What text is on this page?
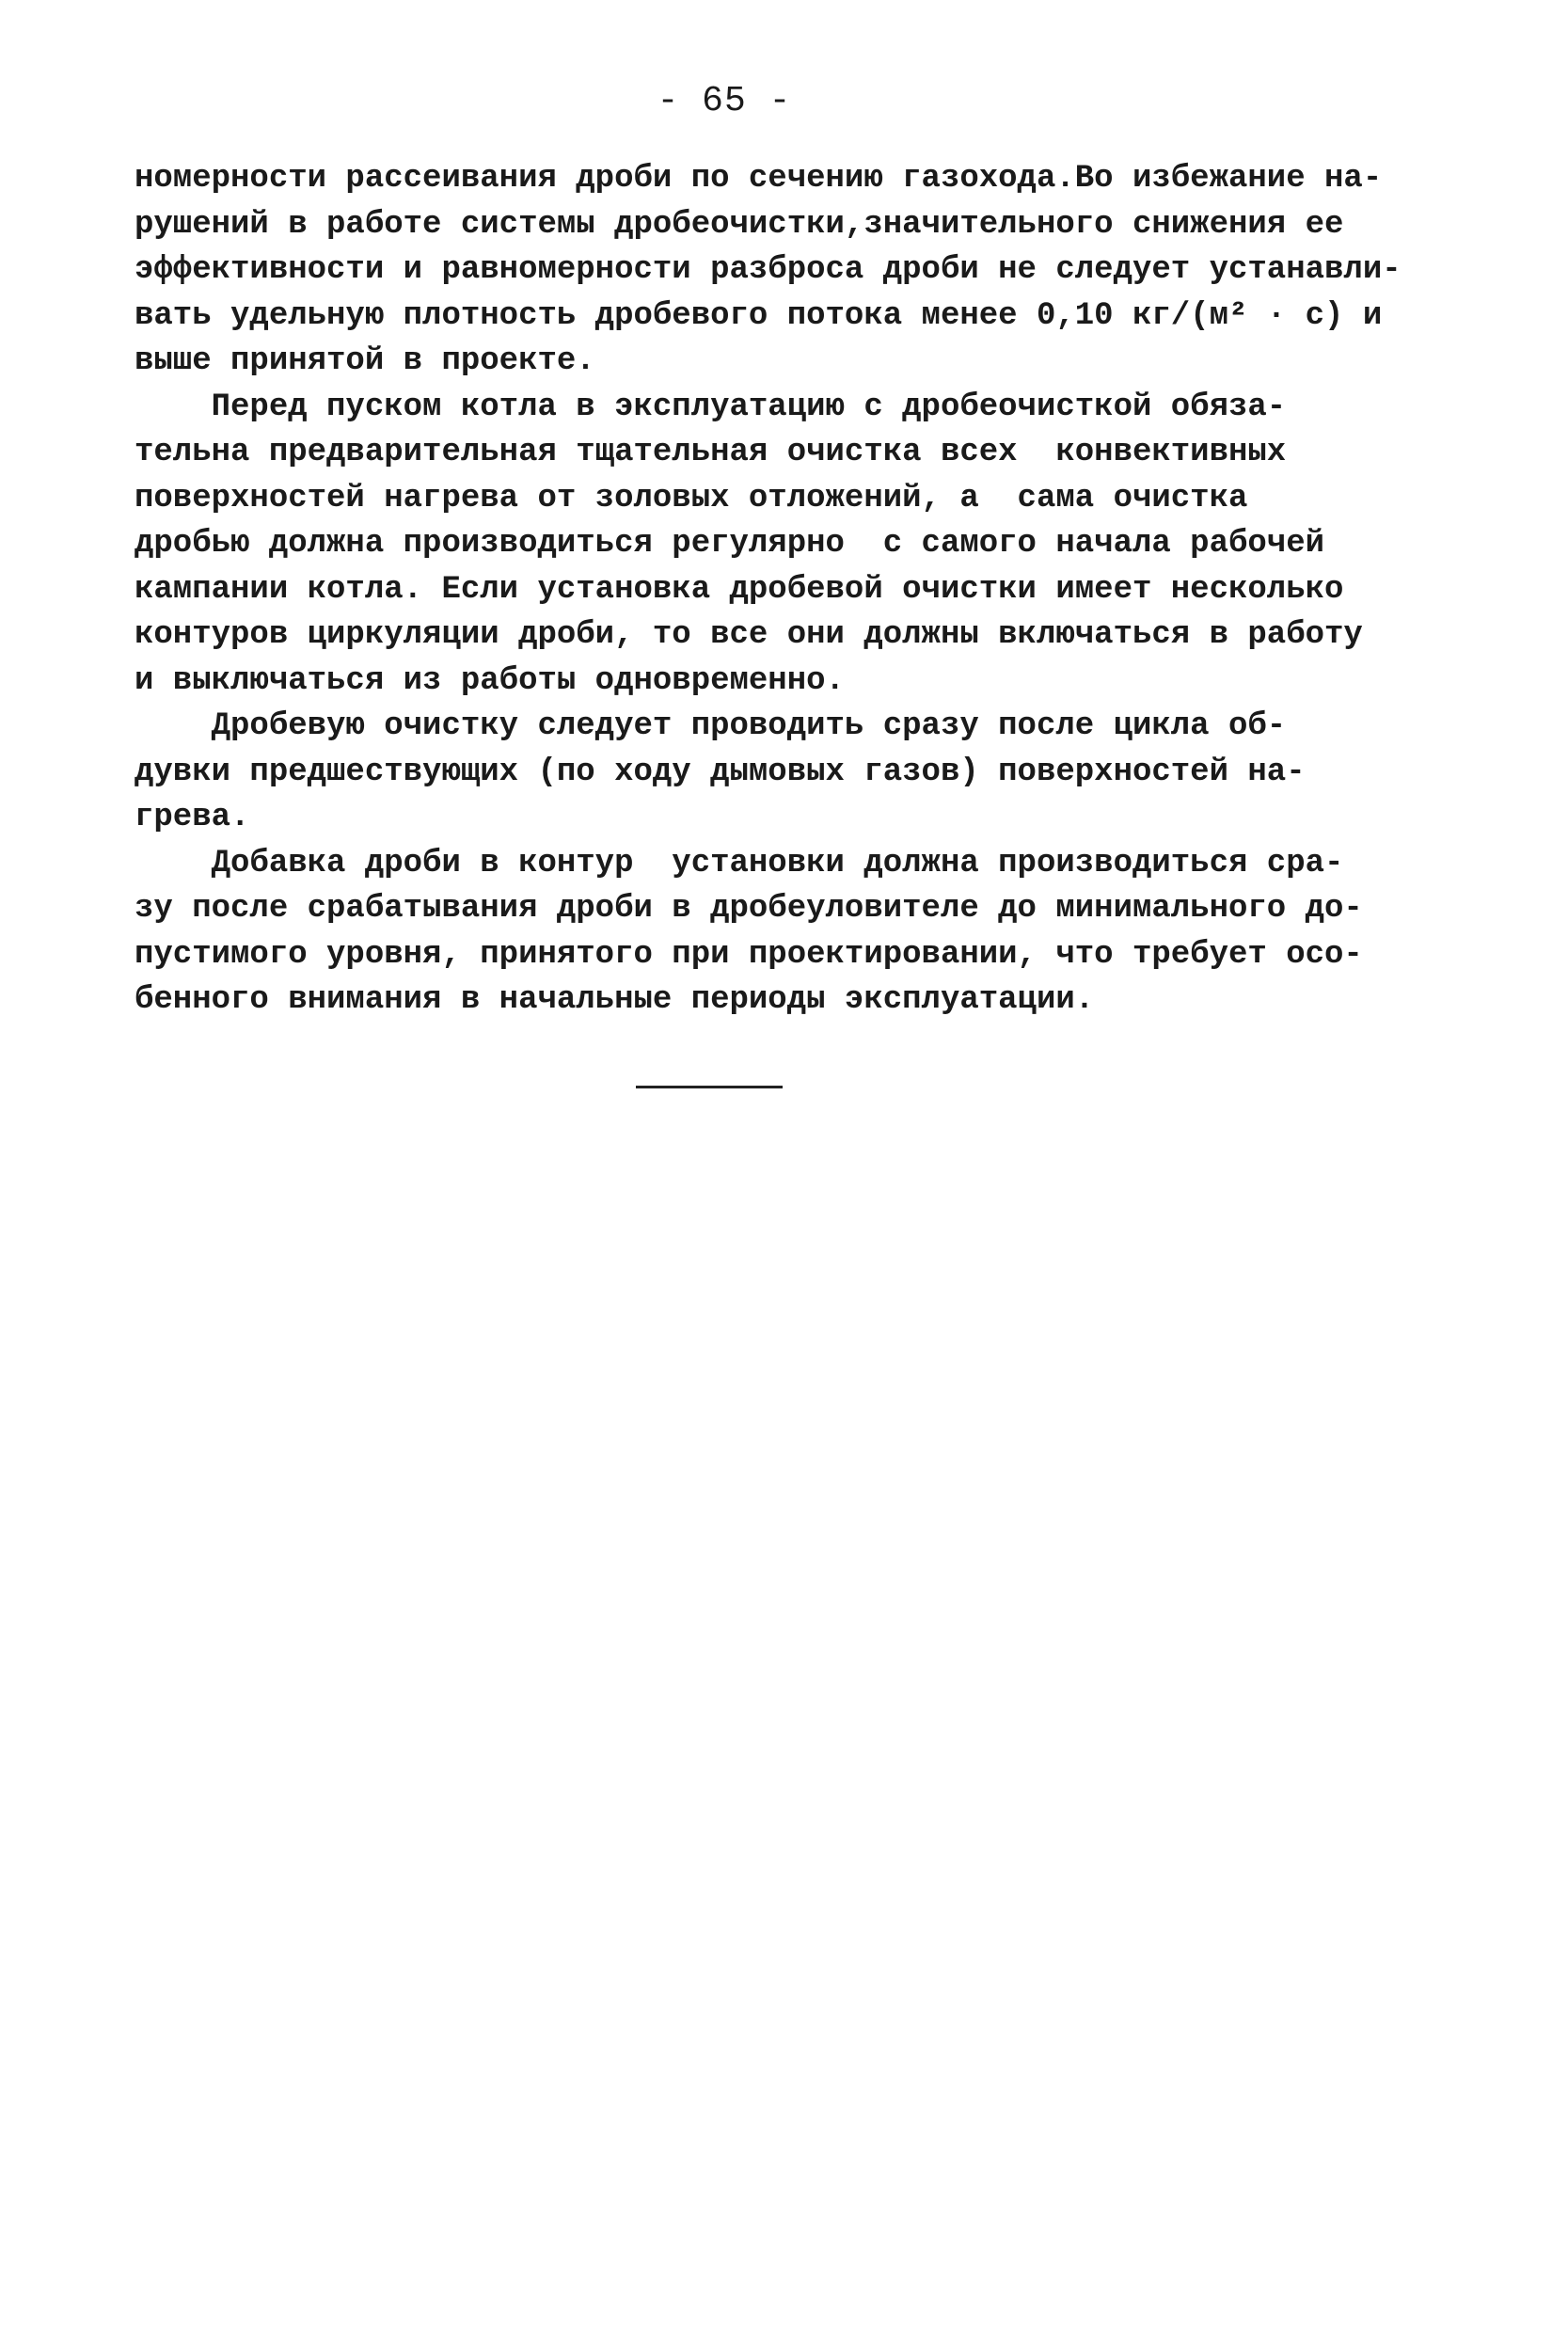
- 65 -
номерности рассеивания дроби по сечению газохода.Во избежание на-
рушений в работе системы дробеочистки,значительного снижения ее
эффективности и равномерности разброса дроби не следует устанавли-
вать удельную плотность дробевого потока менее 0,10 кг/(м² · с) и
выше принятой в проекте.
Перед пуском котла в эксплуатацию с дробеочисткой обяза-
тельна предварительная тщательная очистка всех  конвективных
поверхностей нагрева от золовых отложений, а  сама очистка
дробью должна производиться регулярно  с самого начала рабочей
кампании котла. Если установка дробевой очистки имеет несколько
контуров циркуляции дроби, то все они должны включаться в работу
и выключаться из работы одновременно.
Дробевую очистку следует проводить сразу после цикла об-
дувки предшествующих (по ходу дымовых газов) поверхностей на-
грева.
Добавка дроби в контур  установки должна производиться сра-
зу после срабатывания дроби в дробеуловителе до минимального до-
пустимого уровня, принятого при проектировании, что требует осо-
бенного внимания в начальные периоды эксплуатации.
